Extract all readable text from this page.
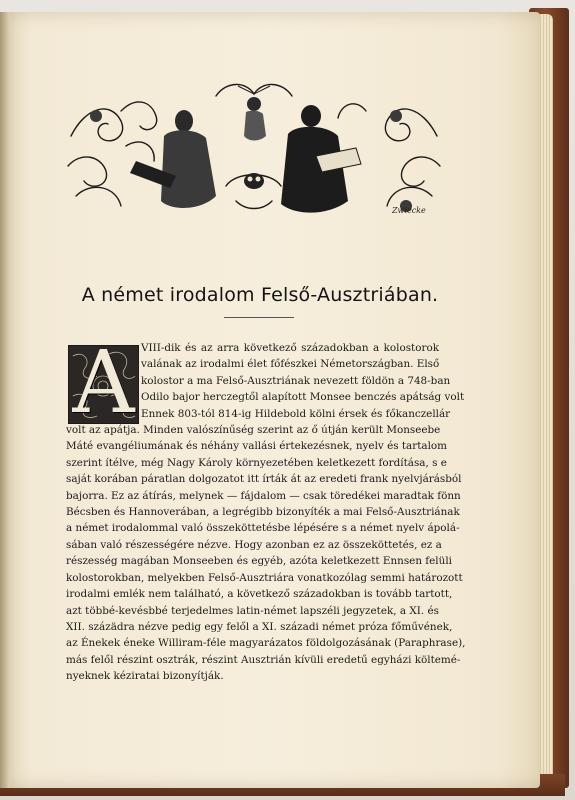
Zwiecke
A német irodalom Felső-Ausztriában.
VIII-dik és az arra következő századokban a kolostorok
valának az irodalmi élet főfészkei Németországban. Első
kolostor a ma Felső-Ausztriának nevezett földön a 748-ban
Odilo bajor herczegtől alapított Monsee benczés apátság volt
Ennek 803-tól 814-ig Hildebold kölni érsek és főkanczellár
volt az apátja. Minden valószínűség szerint az ő útján került Monseebe
Máté evangéliumának és néhány vallási értekezésnek, nyelv és tartalom
szerint ítélve, még Nagy Károly környezetében keletkezett fordítása, s e
saját korában páratlan dolgozatot itt írták át az eredeti frank nyelvjárásból
bajorra. Ez az átírás, melynek — fájdalom — csak töredékei maradtak fönn
Bécsben és Hannoverában, a legrégibb bizonyíték a mai Felső-Ausztriának
a német irodalommal való összeköttetésbe lépésére s a német nyelv ápolá-
sában való részességére nézve. Hogy azonban ez az összeköttetés, ez a
részesség magában Monseeben és egyéb, azóta keletkezett Ennsen felüli
kolostorokban, melyekben Felső-Ausztriára vonatkozólag semmi határozott
irodalmi emlék nem található, a következő századokban is tovább tartott,
azt többé-kevésbbé terjedelmes latin-német lapszéli jegyzetek, a XI. és
XII. százädra nézve pedig egy felől a XI. századi német próza főművének,
az Énekek éneke Williram-féle magyarázatos földolgozásának (Paraphrase),
más felől részint osztrák, részint Ausztrián kívüli eredetű egyházi költemé-
nyeknek kéziratai bizonyítják.
A
